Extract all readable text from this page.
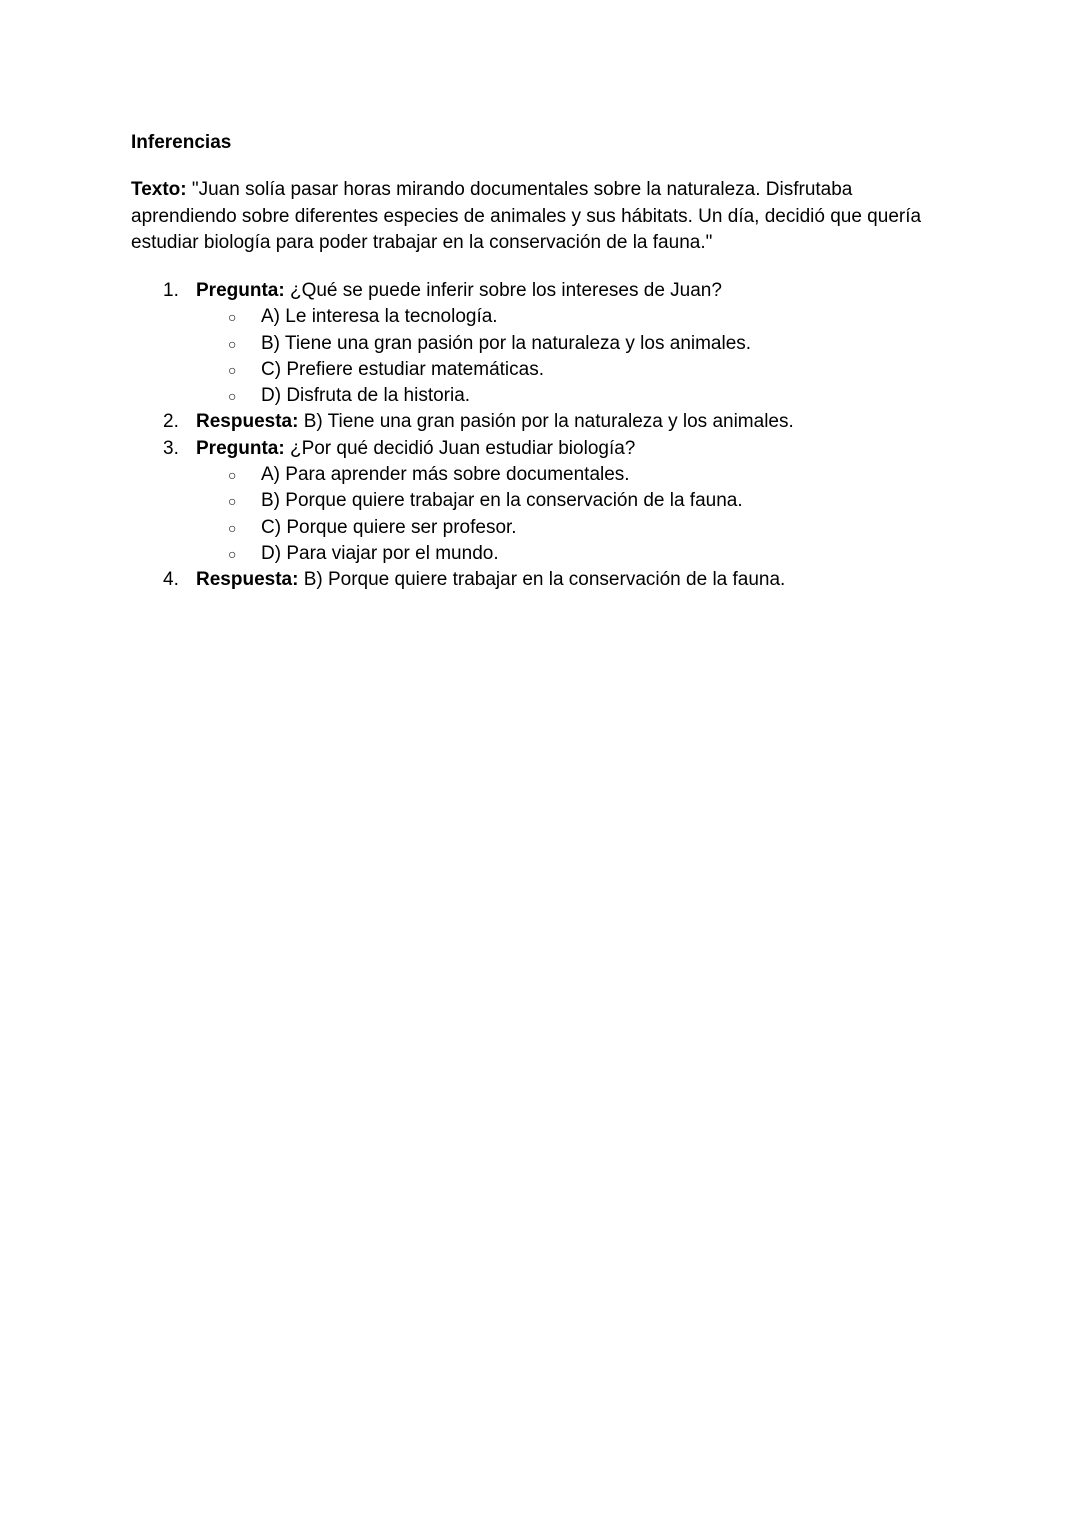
Inferencias

Texto: "Juan solía pasar horas mirando documentales sobre la naturaleza. Disfrutaba aprendiendo sobre diferentes especies de animales y sus hábitats. Un día, decidió que quería estudiar biología para poder trabajar en la conservación de la fauna."

1. Pregunta: ¿Qué se puede inferir sobre los intereses de Juan?
○ A) Le interesa la tecnología.
○ B) Tiene una gran pasión por la naturaleza y los animales.
○ C) Prefiere estudiar matemáticas.
○ D) Disfruta de la historia.
2. Respuesta: B) Tiene una gran pasión por la naturaleza y los animales.
3. Pregunta: ¿Por qué decidió Juan estudiar biología?
○ A) Para aprender más sobre documentales.
○ B) Porque quiere trabajar en la conservación de la fauna.
○ C) Porque quiere ser profesor.
○ D) Para viajar por el mundo.
4. Respuesta: B) Porque quiere trabajar en la conservación de la fauna.
